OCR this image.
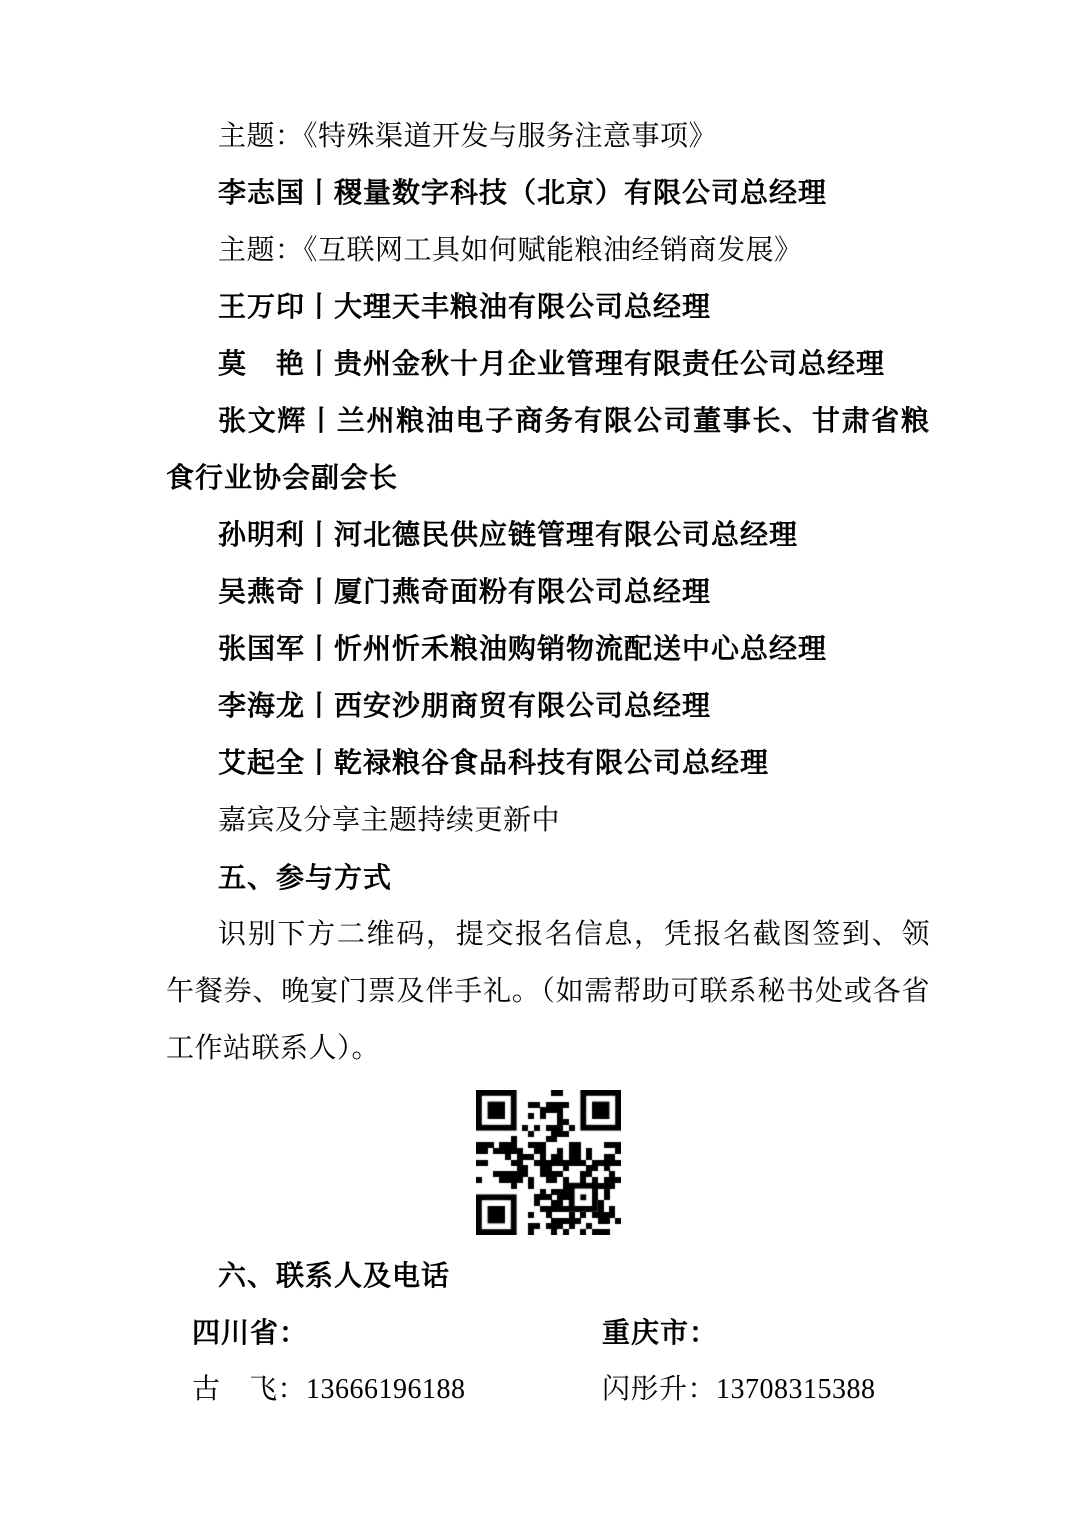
主题：《特殊渠道开发与服务注意事项》

李志国丨稷量数字科技（北京）有限公司总经理

主题：《互联网工具如何赋能粮油经销商发展》

王万印丨大理天丰粮油有限公司总经理

莫　艳丨贵州金秋十月企业管理有限责任公司总经理

张文辉丨兰州粮油电子商务有限公司董事长、甘肃省粮食行业协会副会长

孙明利丨河北德民供应链管理有限公司总经理

吴燕奇丨厦门燕奇面粉有限公司总经理

张国军丨忻州忻禾粮油购销物流配送中心总经理

李海龙丨西安沙朋商贸有限公司总经理

艾起全丨乾禄粮谷食品科技有限公司总经理

嘉宾及分享主题持续更新中

五、参与方式

识别下方二维码，提交报名信息，凭报名截图签到、领午餐券、晚宴门票及伴手礼。（如需帮助可联系秘书处或各省工作站联系人）。

六、联系人及电话

四川省：	重庆市：
古　飞：13666196188	闪彤升：13708315388
